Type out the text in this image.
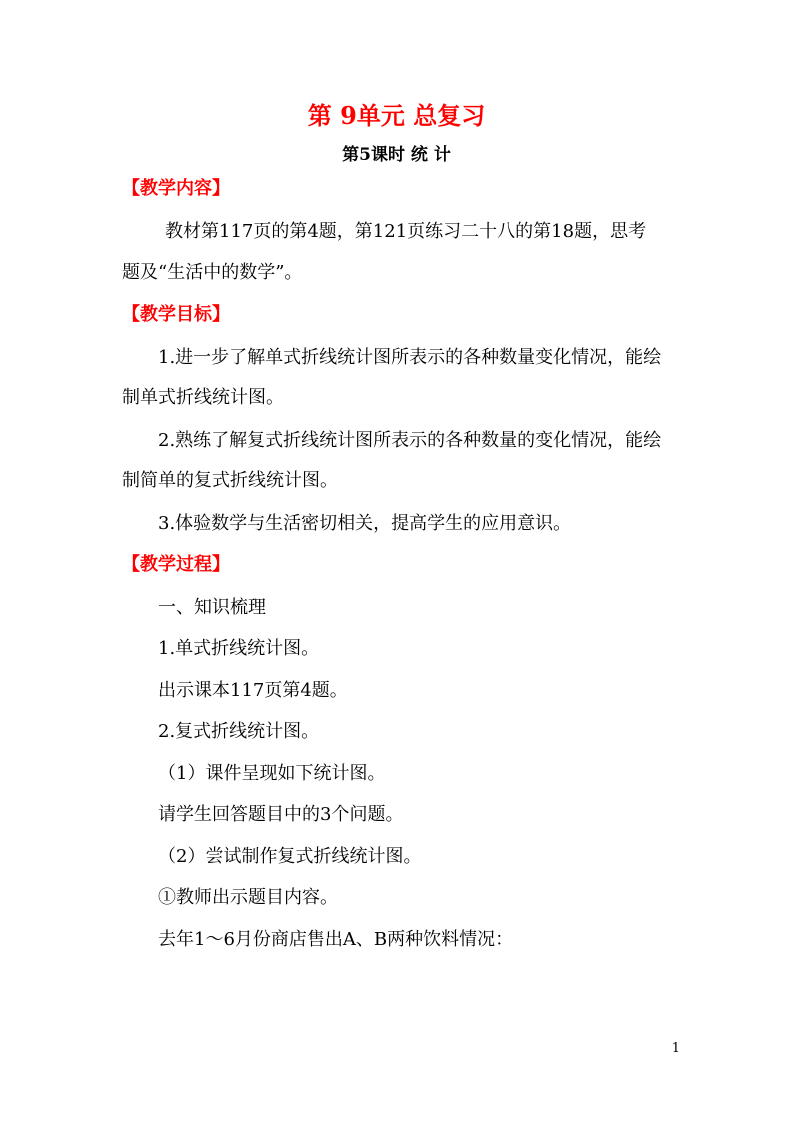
第 9单元 总复习
第5课时 统 计
【教学内容】
教材第117页的第4题，第121页练习二十八的第18题，思考
题及“生活中的数学”。
【教学目标】
1.进一步了解单式折线统计图所表示的各种数量变化情况，能绘
制单式折线统计图。
2.熟练了解复式折线统计图所表示的各种数量的变化情况，能绘
制简单的复式折线统计图。
3.体验数学与生活密切相关，提高学生的应用意识。
【教学过程】
一、知识梳理
1.单式折线统计图。
出示课本117页第4题。
2.复式折线统计图。
（1）课件呈现如下统计图。
请学生回答题目中的3个问题。
（2）尝试制作复式折线统计图。
①教师出示题目内容。
去年1～6月份商店售出A、B两种饮料情况：
1
